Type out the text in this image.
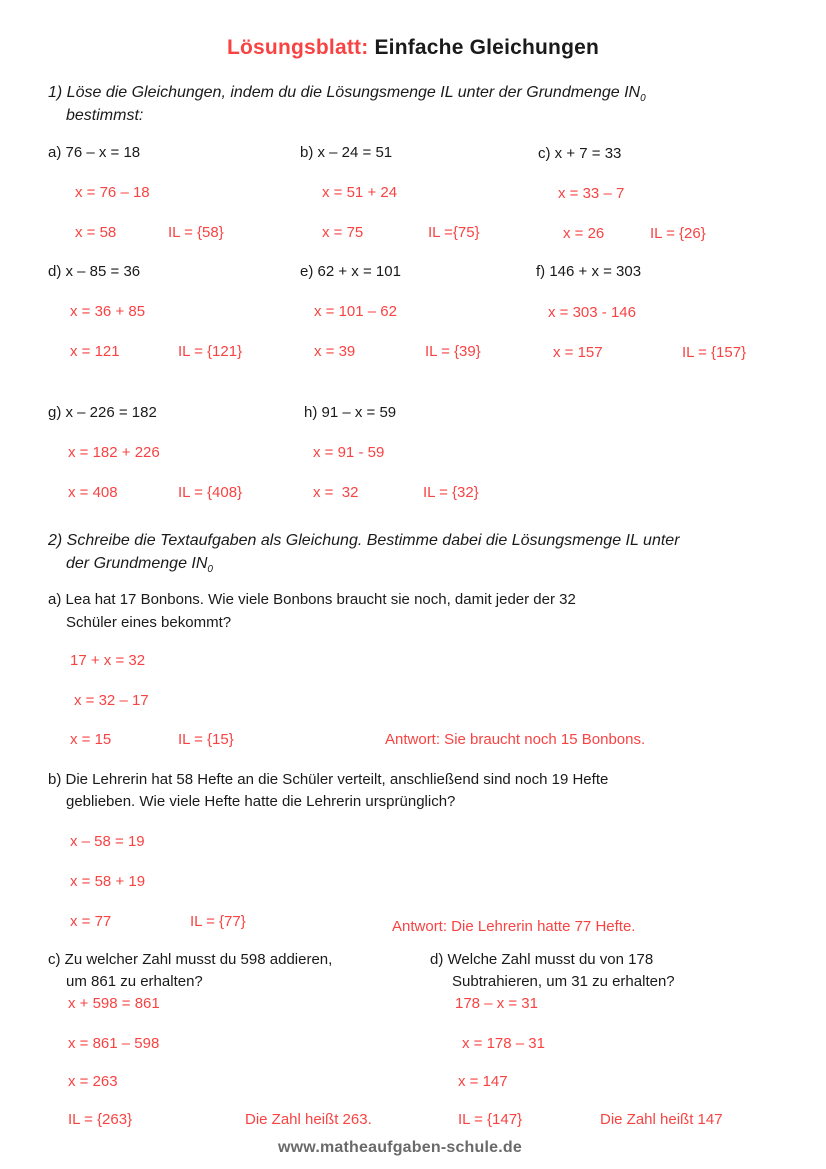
Lösungsblatt: Einfache Gleichungen
1) Löse die Gleichungen, indem du die Lösungsmenge IL unter der Grundmenge $IN_0$
bestimmst:
a) 76 – x = 18
x = 76 – 18
x = 58	IL = {58}
b) x – 24 = 51
x = 51 + 24
x = 75	IL ={75}
c) x + 7 = 33
x = 33 – 7
x = 26	IL = {26}
d) x – 85 = 36
x = 36 + 85
x = 121	IL = {121}
e) 62 + x = 101
x = 101 – 62
x = 39	IL = {39}
f) 146 + x = 303
x = 303 - 146
x = 157	IL = {157}
g) x – 226 = 182
x = 182 + 226
x = 408	IL = {408}
h) 91 – x = 59
x = 91 - 59
x =  32	IL = {32}
2) Schreibe die Textaufgaben als Gleichung. Bestimme dabei die Lösungsmenge IL unter
der Grundmenge $IN_0$
a) Lea hat 17 Bonbons. Wie viele Bonbons braucht sie noch, damit jeder der 32
Schüler eines bekommt?
17 + x = 32
x = 32 – 17
x = 15	IL = {15}	Antwort: Sie braucht noch 15 Bonbons.
b) Die Lehrerin hat 58 Hefte an die Schüler verteilt, anschließend sind noch 19 Hefte
geblieben. Wie viele Hefte hatte die Lehrerin ursprünglich?
x – 58 = 19
x = 58 + 19
x = 77	IL = {77}	Antwort: Die Lehrerin hatte 77 Hefte.
c) Zu welcher Zahl musst du 598 addieren,
um 861 zu erhalten?
x + 598 = 861
x = 861 – 598
x = 263
IL = {263}	Die Zahl heißt 263.
d) Welche Zahl musst du von 178
Subtrahieren, um 31 zu erhalten?
178 – x = 31
x = 178 – 31
x = 147
IL = {147}	Die Zahl heißt 147
www.matheaufgaben-schule.de
